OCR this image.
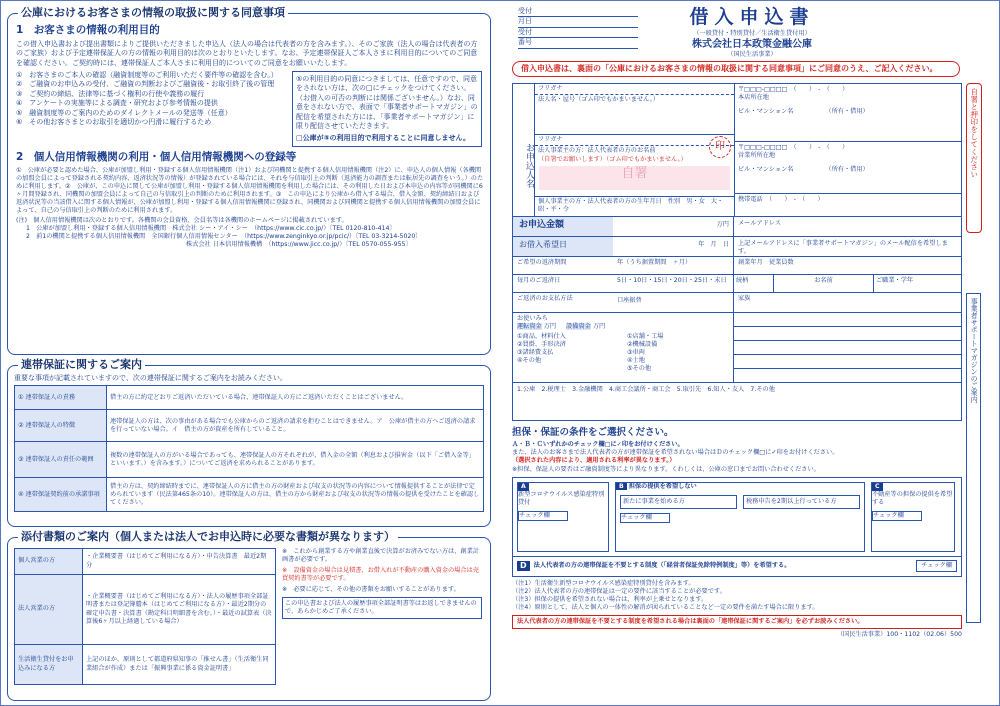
公庫におけるお客さまの情報の取扱に関する同意事項
1　お客さまの情報の利用目的
この借入申込書および提出書類によりご提供いただきました申込人（法人の場合は代表者の方を含みます。）、そのご家族（法人の場合は代表者の方のご家族）および予定連帯保証人の方の情報の利用目的は次のとおりといたします。なお、予定連帯保証人ご本人さまに利用目的についてのご同意を確認ください。ご契約時には、連帯保証人ご本人さまに利用目的についてのご同意をお願いいたします。
①　お客さまのご本人の確認（融資制度等のご利用いただく要件等の確認を含む。）
②　ご融資のお申込みの受付、ご融資の判断およびご融資後・お取引終了後の管理
③　ご契約の締結、法律等に基づく権利の行使や義務の履行
④　アンケートの実施等による調査・研究および参考情報の提供
⑤　融資制度等のご案内のためのダイレクトメールの発送等（任意）
⑥　その他お客さまとのお取引を適切かつ円滑に履行するため
⑤の利用目的の同意につきましては、任意ですので、同意をされない方は、次の□にチェックをつけてください。（お借入の可否の判断には関係ございません。）なお、同意をされない方で、表面で「事業者サポートマガジン」の配信を希望された方には、「事業者サポートマガジン」に限り配信させていただきます。
□公庫が⑤の利用目的で利用することに同意しません。
2　個人信用情報機関の利用・個人信用情報機関への登録等
①　公庫が必要と認めた場合、公庫が加盟し利用・登録する個人信用情報機関（注1）および同機関と提携する個人信用情報機関（注2）に、申込人の個人情報（各機関の加盟会員によって登録される契約内容、返済状況等の情報）が登録されている場合には、それを与信取引上の判断（返済能力の調査または転居先の調査をいう。）のために利用します。②　公庫が、この申込に関して公庫が加盟し利用・登録する個人信用情報機関を利用した場合には、その利用した日および本申込の内容等が同機関に6ヶ月間登録され、同機関の加盟会員によって自己の与信取引上の判断のために利用されます。③　この申込により公庫から借入する場合、借入金額、契約締結日および返済状況等の当該借入に関する個人情報が、公庫が加盟し利用・登録する個人信用情報機関に登録され、同機関および同機関と提携する個人信用情報機関の加盟会員によって、自己の与信取引上の判断のために利用されます。
(注)　個人信用情報機関は次のとおりです。各機関の会員資格、会員名等は各機関のホームページに掲載されています。
1　公庫が加盟し利用・登録する個人信用情報機関　株式会社 シー・アイ・シー　（https://www.cic.co.jp/）〔TEL 0120-810-414〕
2　前1の機関と提携する個人信用情報機関　全国銀行個人信用情報センター　（https://www.zenginkyo.or.jp/pcic/）〔TEL 03-3214-5020〕
株式会社 日本信用情報機構　（https://www.jicc.co.jp/）〔TEL 0570-055-955〕
連帯保証に関するご案内
重要な事項が記載されていますので、次の連帯保証に関するご案内をお読みください。
① 連帯保証人の責務	借主の方に約定どおりご返済いただいている場合、連帯保証人の方にご返済いただくことはございません。
② 連帯保証人の特徴	連帯保証人の方は、次の事由がある場合でも公庫からのご返済の請求を拒むことはできません。ア　公庫が借主の方へご返済の請求を行っていない場合。イ　借主の方が資産を所有していること。
③ 連帯保証人の責任の範囲	複数の連帯保証人の方がいる場合であっても、連帯保証人の方それぞれが、借入金の全額（利息および損害金（以下「ご借入金等」といいます。）を含みます。）についてご返済を求められることがあります。
④ 連帯保証契約前の承諾事項	借主の方は、契約締結時までに、連帯保証人の方に借主の方の財産および収支の状況等の内容について情報提供することが法律で定められています（民法第465条の10）。連帯保証人の方は、借主の方から財産および収支の状況等の情報の提供を受けたことを確認してください。
添付書類のご案内（個人または法人でお申込時に必要な書類が異なります）
個人営業の方	・企業概要書（はじめてご利用になる方）・申告決算書　最近2期分
法人営業の方	・企業概要書（はじめてご利用になる方）・法人の履歴事項全部証明書または登記簿謄本（はじめてご利用になる方）・最近2期分の確定申告書・決算書（勘定科目明細書を含む。）・最近の試算表（決算後6ヶ月以上経過している場合）
生活衛生貸付をお申込みになる方	上記のほか、原則として都道府県知事の「推せん書」（生活衛生同業組合が作成）または「振興事業に係る資金証明書」
※　これから創業する方や創業直後で決算がお済みでない方は、創業計画書が必要です。
※　設備資金の場合は見積書、お借入れが不動産の購入資金の場合は売買契約書等が必要です。
※　必要に応じて、その他の書類をお願いすることがあります。
この申込書および法人の履歴事項全部証明書等はお返しできませんので、あらかじめご了承ください。
受付
月日
受付
番号
借入申込書
（一般貸付・特別貸付／生活衛生貸付用）
株式会社日本政策金融公庫
（国民生活事業）
借入申込書は、裏面の「公庫におけるお客さまの情報の取扱に関する同意事項」にご同意のうえ、ご記入ください。
お申込人名
フリガナ
法人名・屋号（ゴム印でもかまいません。）
フリガナ
法人事業主の方：法人代表者の方のお名前
（自署でお願いします）（ゴム印でもかまいません。）
自署
個人事業主の方・法人代表者の方の生年月日 性別　男・女 大・昭・平・令
印
〒□□□-□□□□　（　　）　-　（　　）
本店所在地
ビル・マンション名	（所有・借用）
〒□□□-□□□□　（　　）　-　（　　）
営業所所在地
ビル・マンション名	（所有・借用）
携帯電話　（　　）　-　（　　）
お申込金額	万円	メールアドレス
お借入希望日	年　月　日	上記メールアドレスに「事業者サポートマガジン」のメール配信を希望します。
ご希望の返済期間	年（うち据置期間　ヶ月）	創業年月　 従業員数
毎月のご返済日	5日・10日・15日・20日・25日・末日	続柄	お名前	ご職業・学年
ご返済のお支払方法	口座振替	家族
お使いみち
運転資金 万円 設備資金 万円
①商品、材料仕入
②買掛、手形決済
③諸経費支払
④その他
①店舗・工場
②機械設備
③車両
④土地
⑤その他
1.公庫　2.税理士　3.金融機関　4.商工会議所・商工会　5.取引先　6.知人・友人　7.その他
担保・保証の条件をご選択ください。
Ａ・Ｂ・Ｃいずれかのチェック欄□に✓印をお付けください。
また、法人のお客さまで法人代表者の方が連帯保証を希望されない場合はＤのチェック欄□に✓印をお付けください。
（選択された内容により、適用される利率が異なります。）
※担保、保証人の要否はご融資制度等により異なります。くわしくは、公庫の窓口までお問い合わせください。
A
新型コロナウイルス感染症特別貸付
チェック欄
B 担保の提供を希望しない
新たに事業を始める方	税務申告を2期以上行っている方
チェック欄
C
不動産等の担保の提供を希望する
チェック欄
D	法人代表者の方の連帯保証を不要とする制度（「経営者保証免除特例制度」等）を希望する。	チェック欄
（注1）生活衛生新型コロナウイルス感染症特別貸付を含みます。
（注2）法人代表者の方の連帯保証は一定の要件に該当することが必要です。
（注3）担保の提供を希望されない場合は、利率が上乗せとなります。
（注4）原則として、法人と個人の一体性の解消が図られていることなど一定の要件を満たす場合に限ります。
法人代表者の方の連帯保証を不要とする制度を希望される場合は裏面の「連帯保証に関するご案内」を必ずお読みください。
（国民生活事業）100・1102（02.06）500
自署と押印をしてください
事業者サポートマガジンのご案内
